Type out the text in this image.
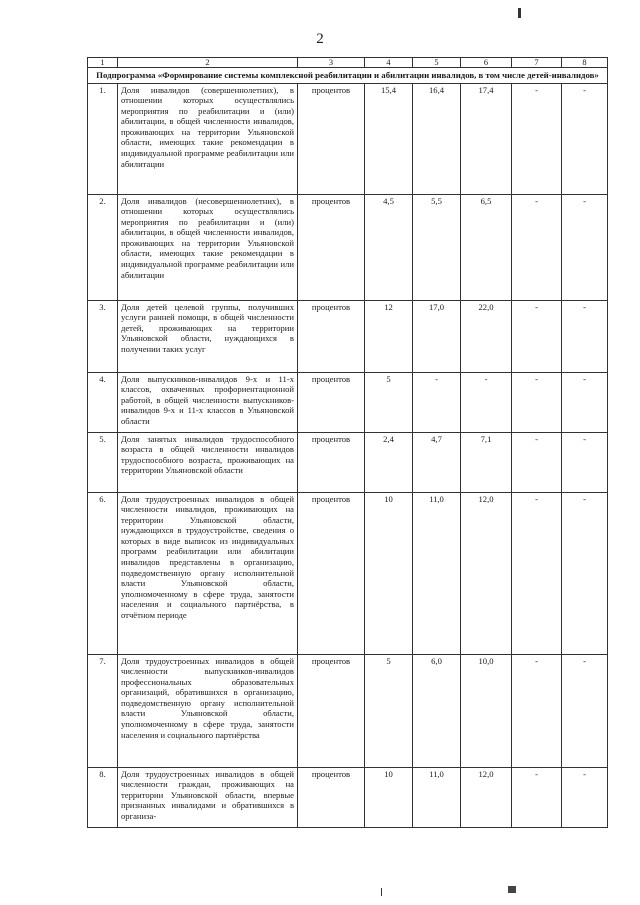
2
1	2	3	4	5	6	7	8
Подпрограмма «Формирование системы комплексной реабилитации и абилитации инвалидов, в том числе детей-инвалидов»							
1.	Доля инвалидов (совершеннолетних), в отношении которых осуществлялись мероприятия по реабилитации и (или) абилитации, в общей численности инвалидов, проживающих на территории Ульяновской области, имеющих такие рекомендации в индивидуальной программе реабилитации или абилитации	процентов	15,4	16,4	17,4	-	-
2.	Доля инвалидов (несовершеннолетних), в отношении которых осуществлялись мероприятия по реабилитации и (или) абилитации, в общей численности инвалидов, проживающих на территории Ульяновской области, имеющих такие рекомендации в индивидуальной программе реабилитации или абилитации	процентов	4,5	5,5	6,5	-	-
3.	Доля детей целевой группы, получивших услуги ранней помощи, в общей численности детей, проживающих на территории Ульяновской области, нуждающихся в получении таких услуг	процентов	12	17,0	22,0	-	-
4.	Доля выпускников-инвалидов 9-х и 11-х классов, охваченных профориентационной работой, в общей численности выпускников-инвалидов 9-х и 11-х классов в Ульяновской области	процентов	5	-	-	-	-
5.	Доля занятых инвалидов трудоспособного возраста в общей численности инвалидов трудоспособного возраста, проживающих на территории Ульяновской области	процентов	2,4	4,7	7,1	-	-
6.	Доля трудоустроенных инвалидов в общей численности инвалидов, проживающих на территории Ульяновской области, нуждающихся в трудоустройстве, сведения о которых в виде выписок из индивидуальных программ реабилитации или абилитации инвалидов представлены в организацию, подведомственную органу исполнительной власти Ульяновской области, уполномоченному в сфере труда, занятости населения и социального партнёрства, в отчётном периоде	процентов	10	11,0	12,0	-	-
7.	Доля трудоустроенных инвалидов в общей численности выпускников-инвалидов профессиональных образовательных организаций, обратившихся в организацию, подведомственную органу исполнительной власти Ульяновской области, уполномоченному в сфере труда, занятости населения и социального партнёрства	процентов	5	6,0	10,0	-	-
8.	Доля трудоустроенных инвалидов в общей численности граждан, проживающих на территории Ульяновской области, впервые признанных инвалидами и обратившихся в организа-	процентов	10	11,0	12,0	-	-
